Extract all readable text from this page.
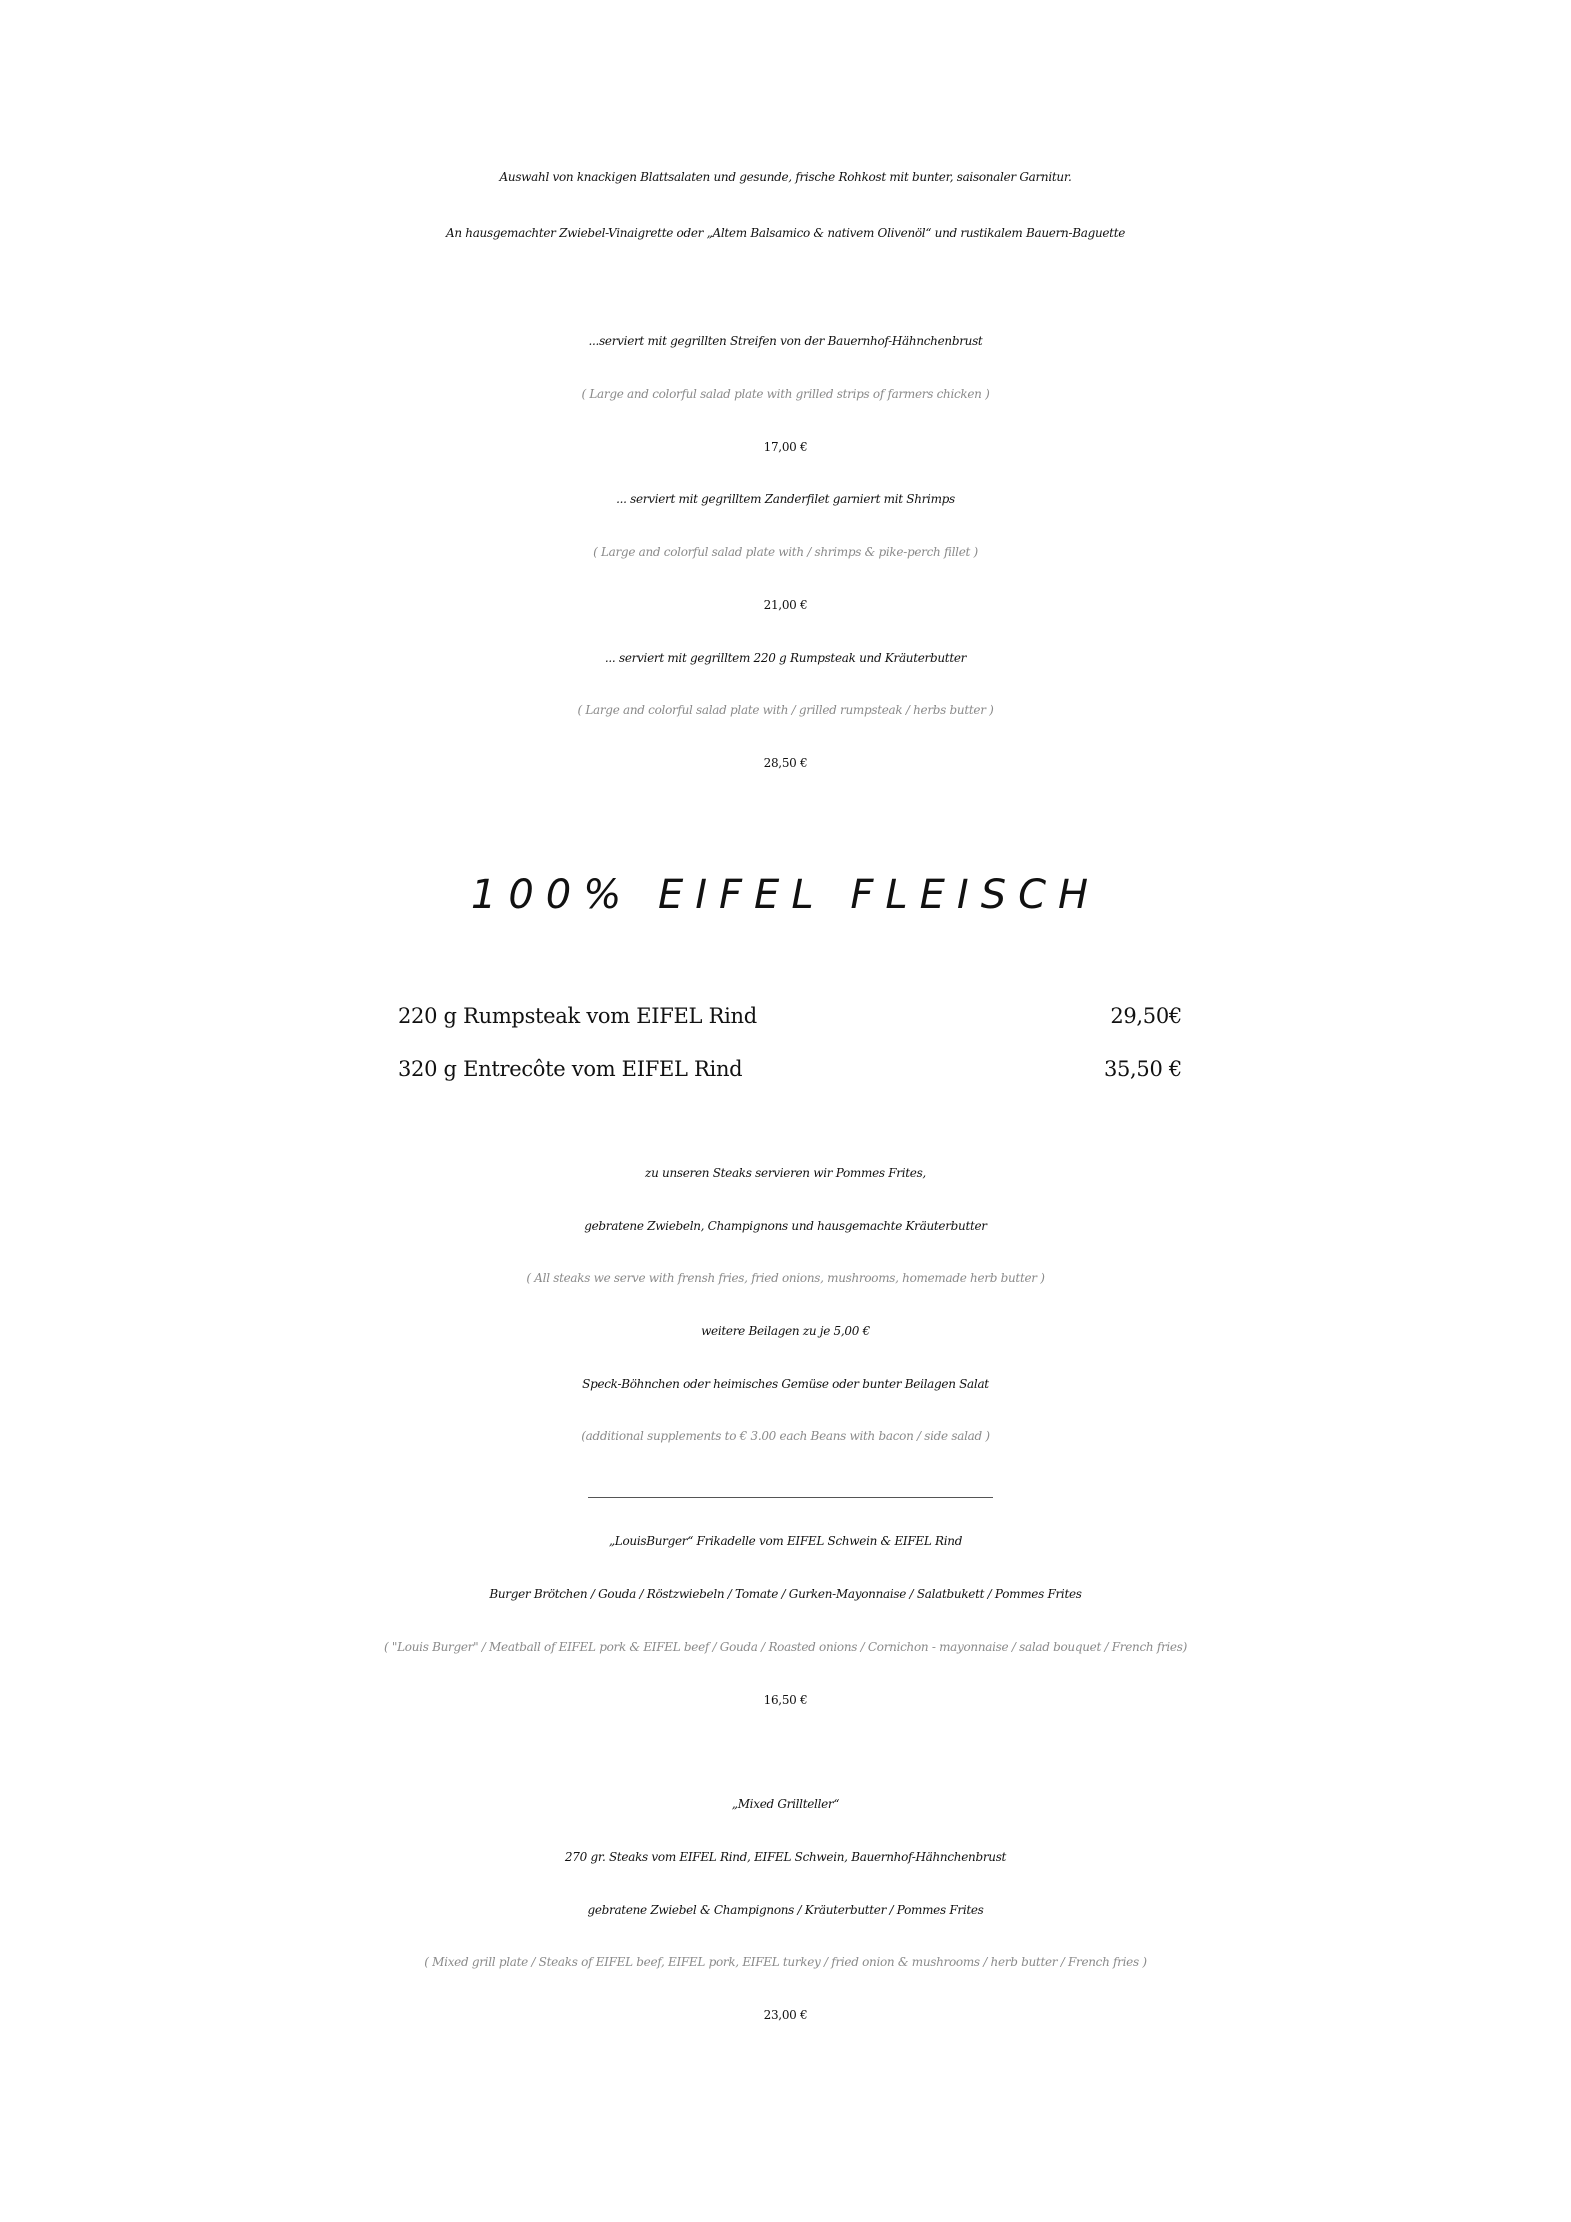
Auswahl von knackigen Blattsalaten und gesunde, frische Rohkost mit bunter, saisonaler Garnitur.
An hausgemachter Zwiebel-Vinaigrette oder „Altem Balsamico & nativem Olivenöl“ und rustikalem Bauern-Baguette
...serviert mit gegrillten Streifen von der Bauernhof-Hähnchenbrust
( Large and colorful salad plate with grilled strips of farmers chicken )
17,00 €
... serviert mit gegrilltem Zanderfilet garniert mit Shrimps
( Large and colorful salad plate with / shrimps & pike-perch fillet )
21,00 €
... serviert mit gegrilltem 220 g Rumpsteak und Kräuterbutter
( Large and colorful salad plate with / grilled rumpsteak / herbs butter )
28,50 €
100% EIFEL FLEISCH
220 g Rumpsteak vom EIFEL Rind	29,50€
320 g Entrecôte vom EIFEL Rind	35,50 €
zu unseren Steaks servieren wir Pommes Frites,
gebratene Zwiebeln, Champignons und hausgemachte Kräuterbutter
( All steaks we serve with frensh fries, fried onions, mushrooms, homemade herb butter )
weitere Beilagen zu je 5,00 €
Speck-Böhnchen oder heimisches Gemüse oder bunter Beilagen Salat
(additional supplements to € 3.00 each Beans with bacon / side salad )
„LouisBurger“ Frikadelle vom EIFEL Schwein & EIFEL Rind
Burger Brötchen / Gouda / Röstzwiebeln / Tomate / Gurken-Mayonnaise / Salatbukett / Pommes Frites
( "Louis Burger" / Meatball of EIFEL pork & EIFEL beef / Gouda / Roasted onions / Cornichon - mayonnaise / salad bouquet / French fries)
16,50 €
„Mixed Grillteller“
270 gr. Steaks vom EIFEL Rind, EIFEL Schwein, Bauernhof-Hähnchenbrust
gebratene Zwiebel & Champignons / Kräuterbutter / Pommes Frites
( Mixed grill plate / Steaks of EIFEL beef, EIFEL pork, EIFEL turkey / fried onion & mushrooms / herb butter / French fries )
23,00 €
